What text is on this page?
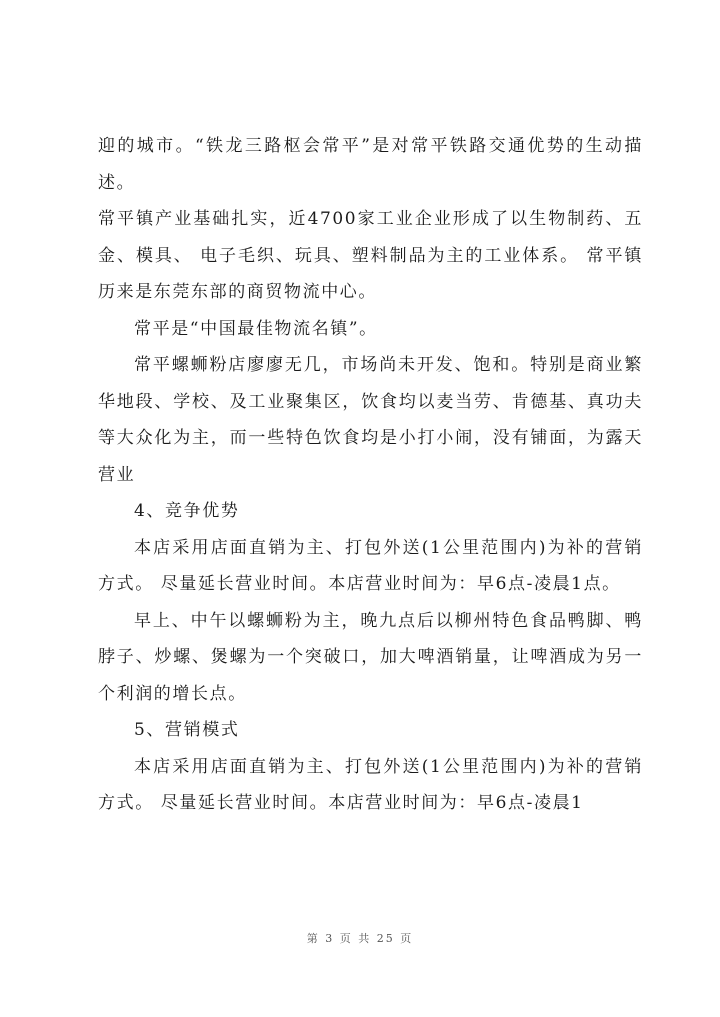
迎的城市。“铁龙三路枢会常平”是对常平铁路交通优势的生动描述。

常平镇产业基础扎实，近4700家工业企业形成了以生物制药、五金、模具、 电子毛织、玩具、塑料制品为主的工业体系。 常平镇历来是东莞东部的商贸物流中心。

常平是“中国最佳物流名镇”。

常平螺蛳粉店廖廖无几，市场尚未开发、饱和。特别是商业繁华地段、学校、及工业聚集区，饮食均以麦当劳、肯德基、真功夫等大众化为主，而一些特色饮食均是小打小闹，没有铺面，为露天营业

4、竞争优势

本店采用店面直销为主、打包外送(1公里范围内)为补的营销方式。 尽量延长营业时间。本店营业时间为：早6点-凌晨1点。

早上、中午以螺蛳粉为主，晚九点后以柳州特色食品鸭脚、鸭脖子、炒螺、煲螺为一个突破口，加大啤酒销量，让啤酒成为另一个利润的增长点。

5、营销模式

本店采用店面直销为主、打包外送(1公里范围内)为补的营销方式。 尽量延长营业时间。本店营业时间为：早6点-凌晨1

第 3 页 共 25 页
